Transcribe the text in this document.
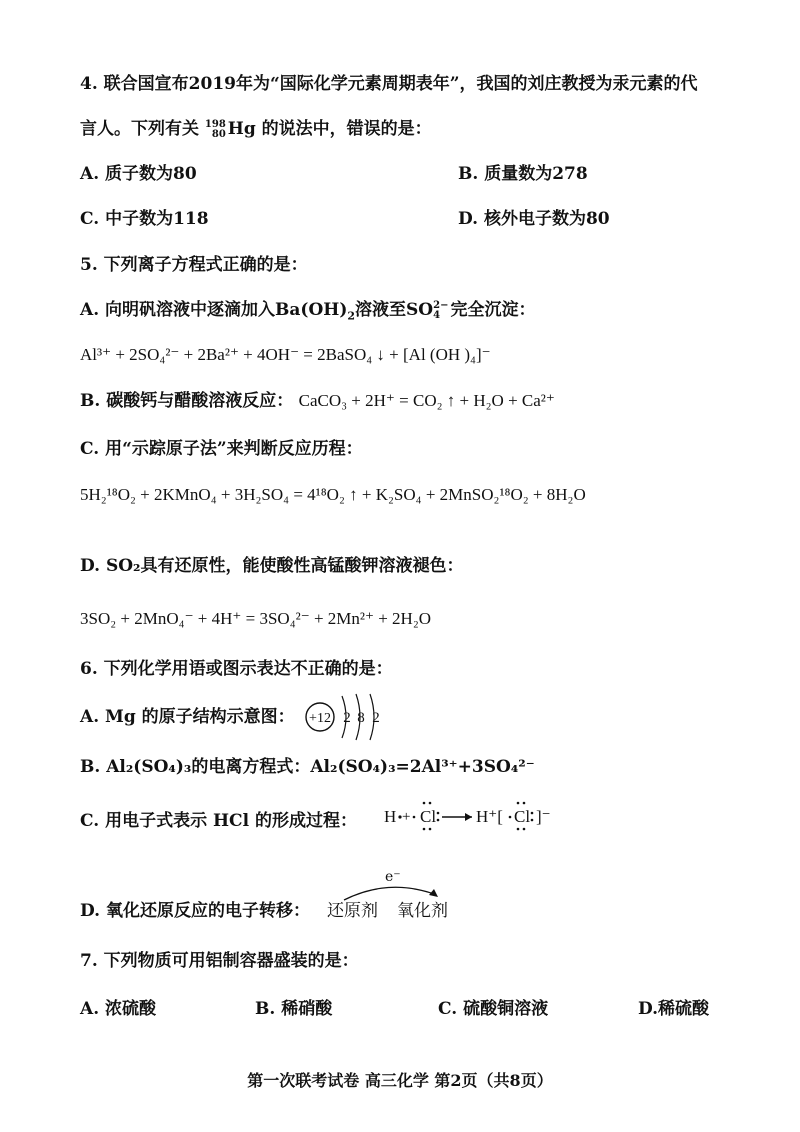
4. 联合国宣布2019年为“国际化学元素周期表年”，我国的刘庄教授为汞元素的代
言人。下列有关 198
80 Hg 的说法中，错误的是：
A. 质子数为80	B. 质量数为278
C. 中子数为118	D. 核外电子数为80
5. 下列离子方程式正确的是：
A. 向明矾溶液中逐滴加入$Ba(OH)_2$溶液至SO 2−
4 完全沉淀：
Al³⁺ + 2SO₄²⁻ + 2Ba²⁺ + 4OH⁻ = 2BaSO₄ ↓ + [Al (OH )₄]⁻
B. 碳酸钙与醋酸溶液反应： CaCO₃ + 2H⁺ = CO₂ ↑ + H₂O + Ca²⁺
C. 用“示踪原子法”来判断反应历程：
5H₂¹⁸O₂ + 2KMnO₄ + 3H₂SO₄ = 4¹⁸O₂ ↑ + K₂SO₄ + 2MnSO₂¹⁸O₂ + 8H₂O
D. SO₂具有还原性，能使酸性高锰酸钾溶液褪色：
3SO₂ + 2MnO₄⁻ + 4H⁺ = 3SO₄²⁻ + 2Mn²⁺ + 2H₂O
6. 下列化学用语或图示表达不正确的是：
A. Mg 的原子结构示意图： +12 2 8 2
B. Al₂(SO₄)₃的电离方程式：Al₂(SO₄)₃=2Al³⁺+3SO₄²⁻
C. 用电子式表示 HCl 的形成过程： H + Cl H⁺[ Cl ]⁻
D. 氧化还原反应的电子转移：
e⁻
还原剂 氧化剂
7. 下列物质可用铝制容器盛装的是：
A. 浓硫酸	B. 稀硝酸	C. 硫酸铜溶液	D.稀硫酸
第一次联考试卷 高三化学 第2页（共8页）
